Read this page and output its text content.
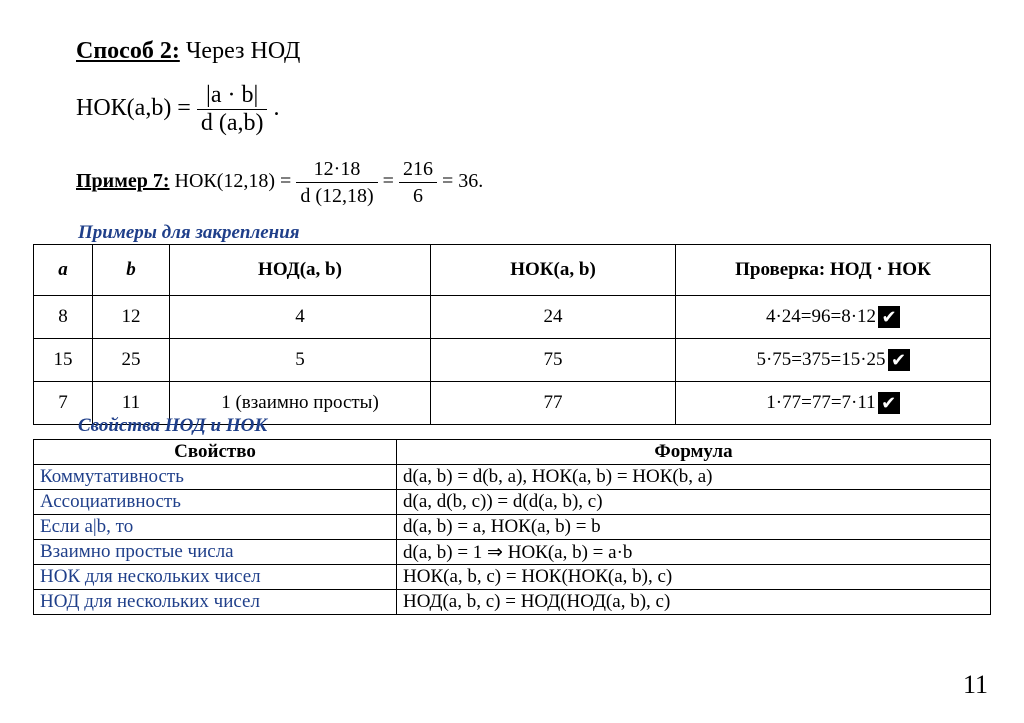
Способ 2: Через НОД
$НОК(a,b) = \frac{|a \cdot b|}{d (a,b)}$ .
Пример 7: $НОК(12,18) = \frac{12\cdot 18}{d (12,18)} = \frac{216}{6} = 36$.
Примеры для закрепления
a	b	НОД(a, b)	НОК(a, b)	Проверка: НОД · НОК
8	12	4	24	4·24=96=8·12 ✔
15	25	5	75	5·75=375=15·25 ✔
7	11	1 (взаимно просты)	77	1·77=77=7·11 ✔
Свойства НОД и НОК
Свойство	Формула
Коммутативность	d(a, b) = d(b, a), НОК(a, b) = НОК(b, a)
Ассоциативность	d(a, d(b, c)) = d(d(a, b), c)
Если a|b, то	d(a, b) = a, НОК(a, b) = b
Взаимно простые числа	d(a, b) = 1 ⇒ НОК(a, b) = a·b
НОК для нескольких чисел	НОК(a, b, c) = НОК(НОК(a, b), c)
НОД для нескольких чисел	НОД(a, b, c) = НОД(НОД(a, b), c)
11
